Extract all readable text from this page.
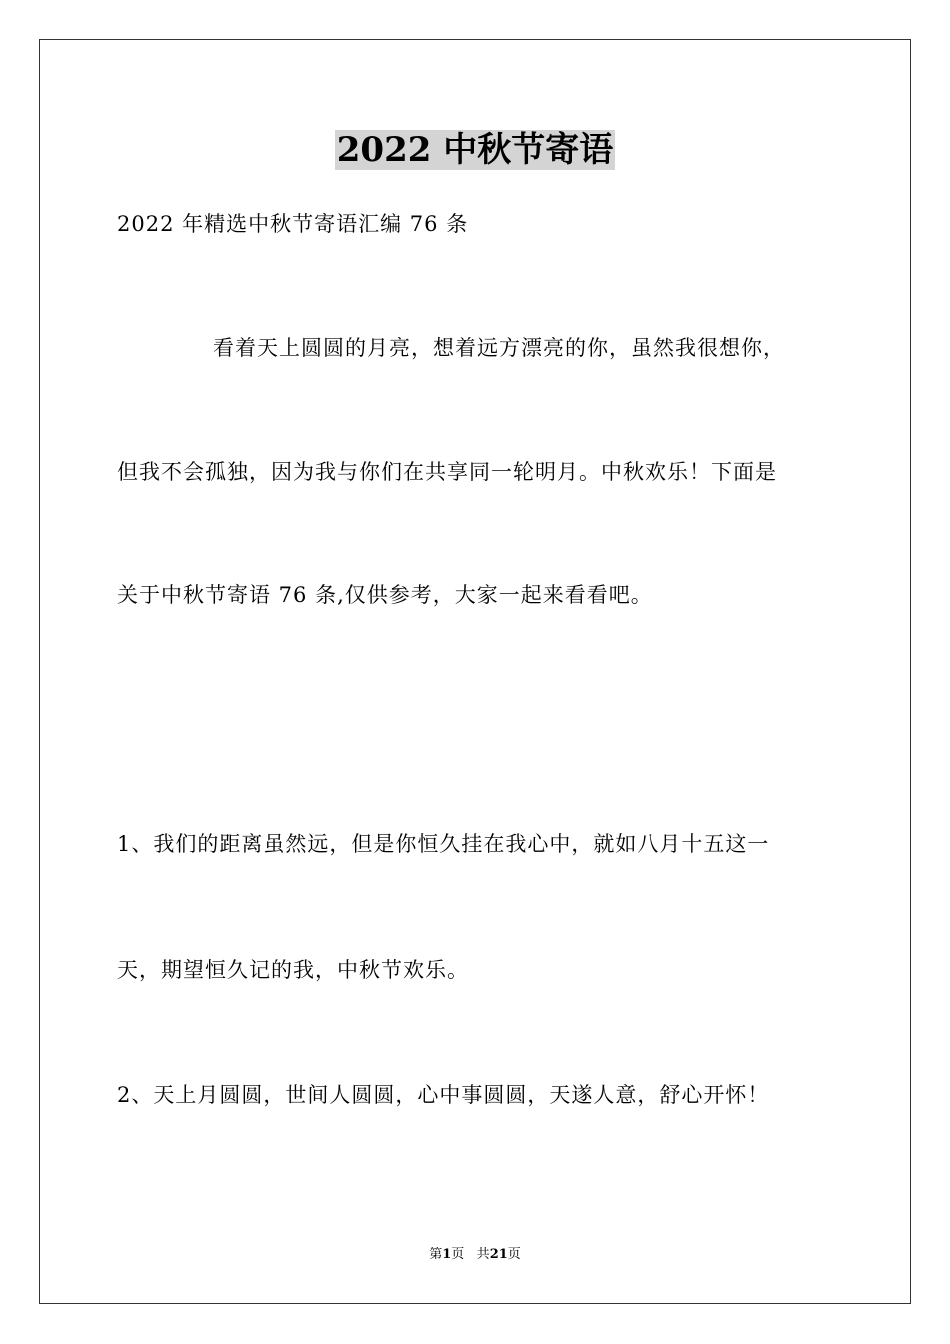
2022 中秋节寄语
2022 年精选中秋节寄语汇编 76 条
看着天上圆圆的月亮，想着远方漂亮的你，虽然我很想你，
但我不会孤独，因为我与你们在共享同一轮明月。中秋欢乐！下面是
关于中秋节寄语 76 条,仅供参考，大家一起来看看吧。
1、我们的距离虽然远，但是你恒久挂在我心中，就如八月十五这一
天，期望恒久记的我，中秋节欢乐。
2、天上月圆圆，世间人圆圆，心中事圆圆，天遂人意，舒心开怀！
第1页 共21页
